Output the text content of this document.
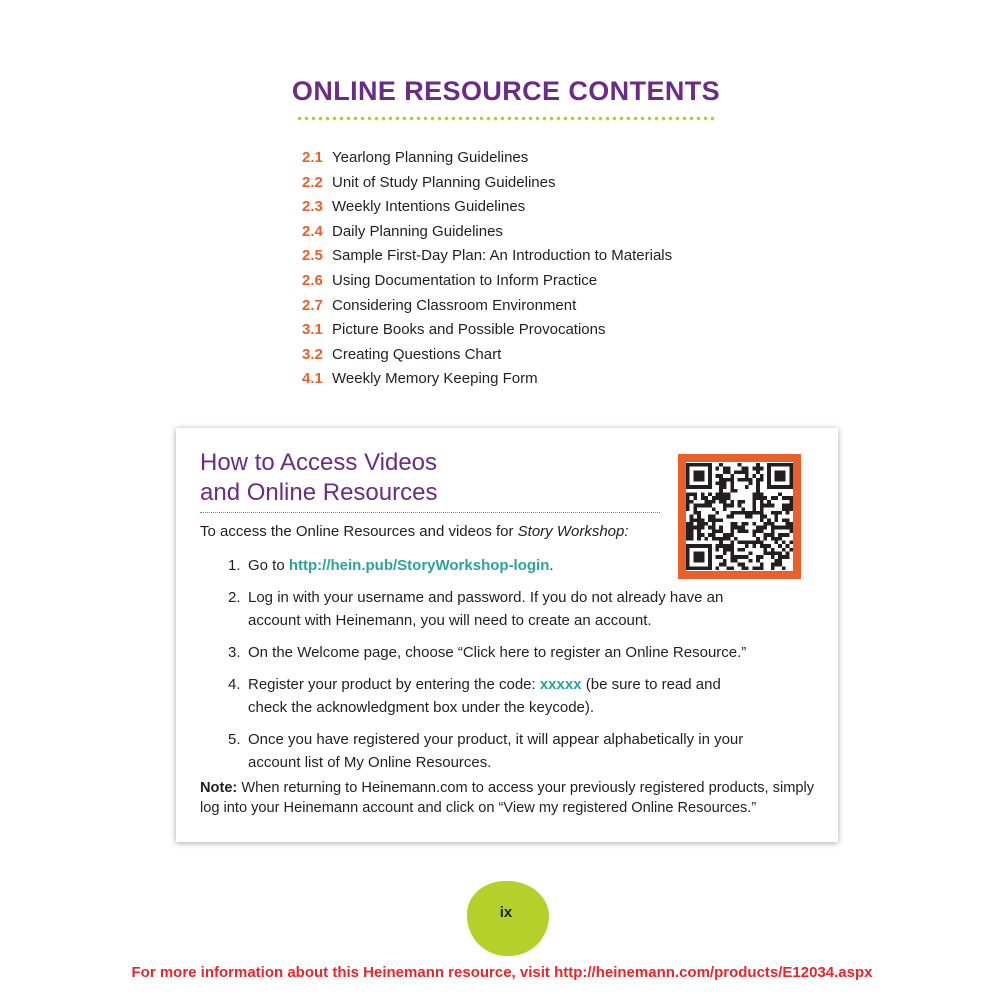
ONLINE RESOURCE CONTENTS
2.1 Yearlong Planning Guidelines
2.2 Unit of Study Planning Guidelines
2.3 Weekly Intentions Guidelines
2.4 Daily Planning Guidelines
2.5 Sample First-Day Plan: An Introduction to Materials
2.6 Using Documentation to Inform Practice
2.7 Considering Classroom Environment
3.1 Picture Books and Possible Provocations
3.2 Creating Questions Chart
4.1 Weekly Memory Keeping Form
How to Access Videos
and Online Resources
To access the Online Resources and videos for Story Workshop:
1. Go to http://hein.pub/StoryWorkshop-login.
2. Log in with your username and password. If you do not already have an account with Heinemann, you will need to create an account.
3. On the Welcome page, choose “Click here to register an Online Resource.”
4. Register your product by entering the code: xxxxx (be sure to read and check the acknowledgment box under the keycode).
5. Once you have registered your product, it will appear alphabetically in your account list of My Online Resources.
Note: When returning to Heinemann.com to access your previously registered products, simply log into your Heinemann account and click on “View my registered Online Resources.”
ix
For more information about this Heinemann resource, visit http://heinemann.com/products/E12034.aspx
